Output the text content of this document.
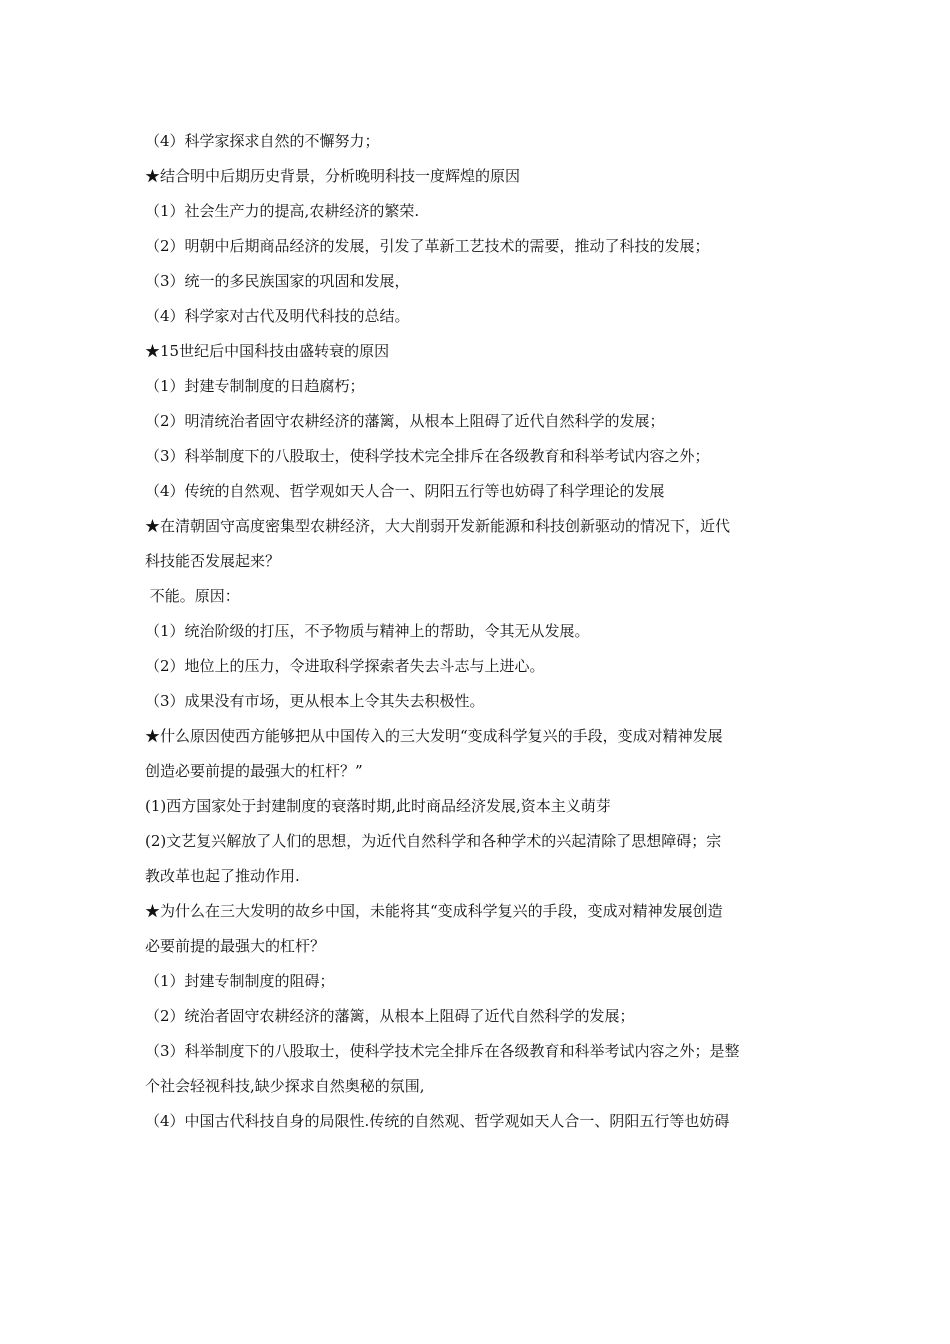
（4）科学家探求自然的不懈努力；
★结合明中后期历史背景，分析晚明科技一度辉煌的原因
（1）社会生产力的提高,农耕经济的繁荣.
（2）明朝中后期商品经济的发展，引发了革新工艺技术的需要，推动了科技的发展；
（3）统一的多民族国家的巩固和发展，
（4）科学家对古代及明代科技的总结。
★15世纪后中国科技由盛转衰的原因
（1）封建专制制度的日趋腐朽；
（2）明清统治者固守农耕经济的藩篱，从根本上阻碍了近代自然科学的发展；
（3）科举制度下的八股取士，使科学技术完全排斥在各级教育和科举考试内容之外；
（4）传统的自然观、哲学观如天人合一、阴阳五行等也妨碍了科学理论的发展
★在清朝固守高度密集型农耕经济，大大削弱开发新能源和科技创新驱动的情况下，近代
科技能否发展起来？
不能。原因：
（1）统治阶级的打压，不予物质与精神上的帮助，令其无从发展。
（2）地位上的压力，令进取科学探索者失去斗志与上进心。
（3）成果没有市场，更从根本上令其失去积极性。
★什么原因使西方能够把从中国传入的三大发明“变成科学复兴的手段，变成对精神发展
创造必要前提的最强大的杠杆？”
(1)西方国家处于封建制度的衰落时期,此时商品经济发展,资本主义萌芽
(2)文艺复兴解放了人们的思想，为近代自然科学和各种学术的兴起清除了思想障碍；宗
教改革也起了推动作用.
★为什么在三大发明的故乡中国，未能将其“变成科学复兴的手段，变成对精神发展创造
必要前提的最强大的杠杆？
（1）封建专制制度的阻碍；
（2）统治者固守农耕经济的藩篱，从根本上阻碍了近代自然科学的发展；
（3）科举制度下的八股取士，使科学技术完全排斥在各级教育和科举考试内容之外；是整
个社会轻视科技,缺少探求自然奥秘的氛围,
（4）中国古代科技自身的局限性.传统的自然观、哲学观如天人合一、阴阳五行等也妨碍
